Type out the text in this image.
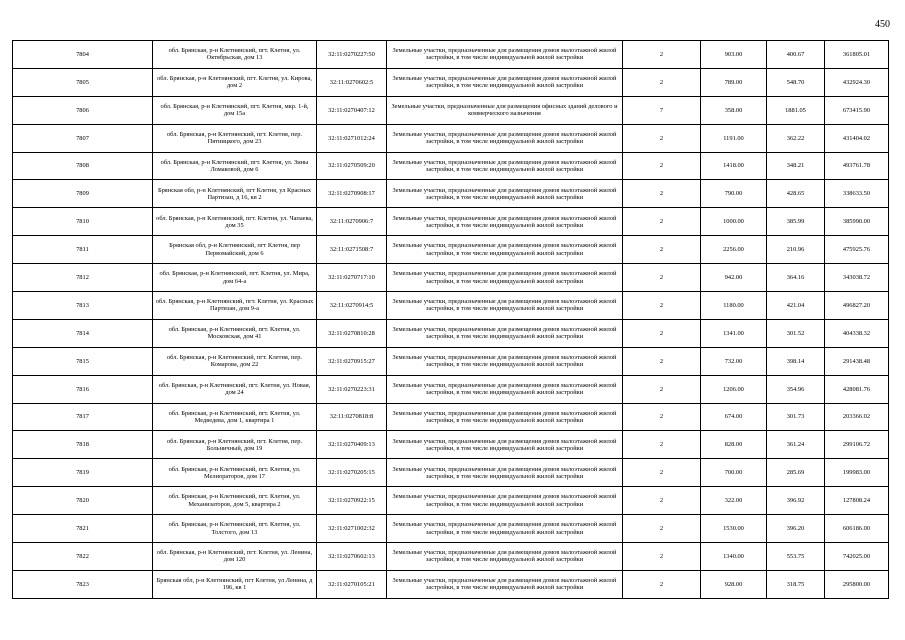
450
7804	обл. Брянская, р-н Клетнянский, пгт. Клетня, ул. Октябрьская, дом 13	32:11:0270227:50	Земельные участки, предназначенные для размещения домов малоэтажной жилой застройки, в том числе индивидуальной жилой застройки	2	903.00	400.67	361805.01
7805	обл. Брянская, р-н Клетнянский, пгт. Клетня, ул. Кирова, дом 2	32:11:0270602:5	Земельные участки, предназначенные для размещения домов малоэтажной жилой застройки, в том числе индивидуальной жилой застройки	2	789.00	548.70	432924.30
7806	обл. Брянская, р-н Клетнянский, пгт. Клетня, мкр. 1-й, дом 15а	32:11:0270407:12	Земельные участки, предназначенные для размещения офисных зданий делового и коммерческого назначения	7	358.00	1881.05	673415.90
7807	обл. Брянская, р-н Клетнянский, пгт. Клетня, пер. Пятницкого, дом 23	32:11:0271012:24	Земельные участки, предназначенные для размещения домов малоэтажной жилой застройки, в том числе индивидуальной жилой застройки	2	1191.00	362.22	431404.02
7808	обл. Брянская, р-н Клетнянский, пгт. Клетня, ул. Зины Ломаковой, дом 6	32:11:0270509:20	Земельные участки, предназначенные для размещения домов малоэтажной жилой застройки, в том числе индивидуальной жилой застройки	2	1418.00	348.21	493761.78
7809	Брянская обл, р-н Клетнянский, пгт Клетня, ул Красных Партизан, д 16, кв 2	32:11:0270908:17	Земельные участки, предназначенные для размещения домов малоэтажной жилой застройки, в том числе индивидуальной жилой застройки	2	790.00	428.65	338633.50
7810	обл. Брянская, р-н Клетнянский, пгт. Клетня, ул. Чапаева, дом 35	32:11:0270906:7	Земельные участки, предназначенные для размещения домов малоэтажной жилой застройки, в том числе индивидуальной жилой застройки	2	1000.00	385.99	385990.00
7811	Брянская обл, р-н Клетнянский, пгт Клетня, пер Первомайский, дом 6	32:11:0271508:7	Земельные участки, предназначенные для размещения домов малоэтажной жилой застройки, в том числе индивидуальной жилой застройки	2	2256.00	210.96	475925.76
7812	обл. Брянская, р-н Клетнянский, пгт. Клетня, ул. Мира, дом 64-а	32:11:0270717:10	Земельные участки, предназначенные для размещения домов малоэтажной жилой застройки, в том числе индивидуальной жилой застройки	2	942.00	364.16	343038.72
7813	обл. Брянская, р-н Клетнянский, пгт. Клетня, ул. Красных Партизан, дом 9-а	32:11:0270914:5	Земельные участки, предназначенные для размещения домов малоэтажной жилой застройки, в том числе индивидуальной жилой застройки	2	1180.00	421.04	496827.20
7814	обл. Брянская, р-н Клетнянский, пгт. Клетня, ул. Московская, дом 41	32:11:0270810:28	Земельные участки, предназначенные для размещения домов малоэтажной жилой застройки, в том числе индивидуальной жилой застройки	2	1341.00	301.52	404338.32
7815	обл. Брянская, р-н Клетнянский, пгт. Клетня, пер. Комарова, дом 22	32:11:0270915:27	Земельные участки, предназначенные для размещения домов малоэтажной жилой застройки, в том числе индивидуальной жилой застройки	2	732.00	398.14	291438.48
7816	обл. Брянская, р-н Клетнянский, пгт. Клетня, ул. Новая, дом 24	32:11:0270223:31	Земельные участки, предназначенные для размещения домов малоэтажной жилой застройки, в том числе индивидуальной жилой застройки	2	1206.00	354.96	428081.76
7817	обл. Брянская, р-н Клетнянский, пгт. Клетня, ул. Медведева, дом 1, квартира 1	32:11:0270818:8	Земельные участки, предназначенные для размещения домов малоэтажной жилой застройки, в том числе индивидуальной жилой застройки	2	674.00	301.73	203366.02
7818	обл. Брянская, р-н Клетнянский, пгт. Клетня, пер. Больничный, дом 19	32:11:0270409:13	Земельные участки, предназначенные для размещения домов малоэтажной жилой застройки, в том числе индивидуальной жилой застройки	2	828.00	361.24	299106.72
7819	обл. Брянская, р-н Клетнянский, пгт. Клетня, ул. Мелиораторов, дом 17	32:11:0270205:15	Земельные участки, предназначенные для размещения домов малоэтажной жилой застройки, в том числе индивидуальной жилой застройки	2	700.00	285.69	199983.00
7820	обл. Брянская, р-н Клетнянский, пгт. Клетня, ул. Механизаторов, дом 5, квартира 2	32:11:0270922:15	Земельные участки, предназначенные для размещения домов малоэтажной жилой застройки, в том числе индивидуальной жилой застройки	2	322.00	396.92	127808.24
7821	обл. Брянская, р-н Клетнянский, пгт. Клетня, ул. Толстого, дом 13	32:11:0271002:32	Земельные участки, предназначенные для размещения домов малоэтажной жилой застройки, в том числе индивидуальной жилой застройки	2	1530.00	396.20	606186.00
7822	обл. Брянская, р-н Клетнянский, пгт. Клетня, ул. Ленина, дом 120	32:11:0270602:13	Земельные участки, предназначенные для размещения домов малоэтажной жилой застройки, в том числе индивидуальной жилой застройки	2	1340.00	553.75	742025.00
7823	Брянская обл, р-н Клетнянский, пгт Клетня, ул Ленина, д 196, кв 1	32:11:0270105:21	Земельные участки, предназначенные для размещения домов малоэтажной жилой застройки, в том числе индивидуальной жилой застройки	2	928.00	318.75	295800.00
